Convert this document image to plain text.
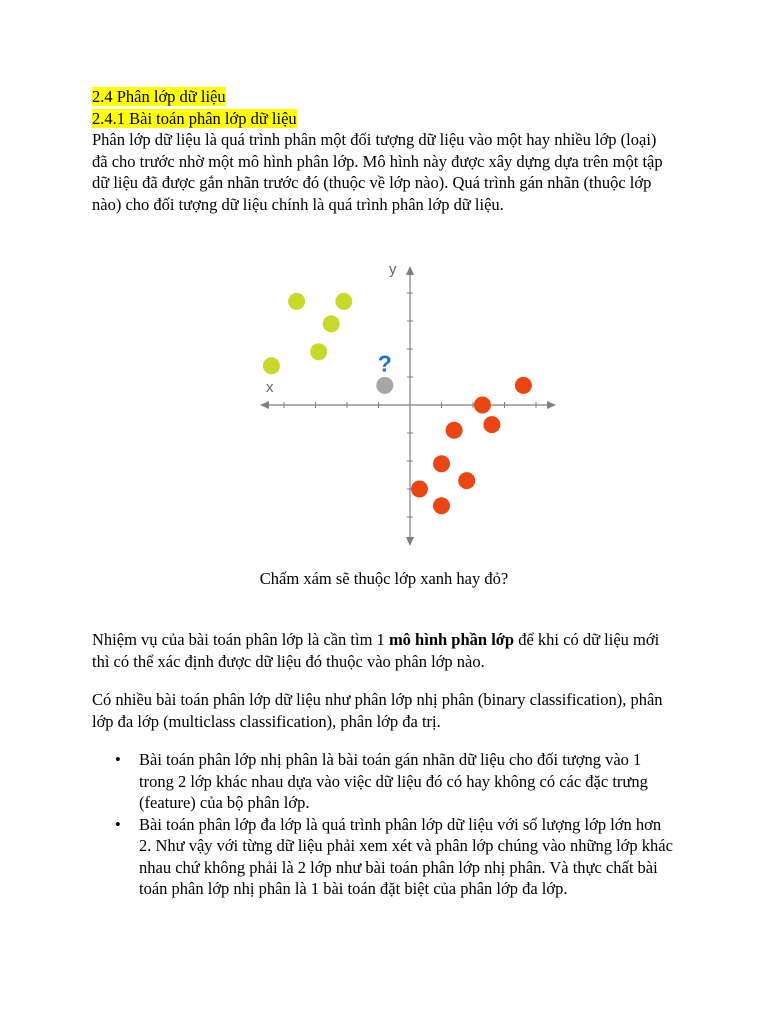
2.4 Phân lớp dữ liệu
2.4.1 Bài toán phân lớp dữ liệu

Phân lớp dữ liệu là quá trình phân một đối tượng dữ liệu vào một hay nhiều lớp (loại) đã cho trước nhờ một mô hình phân lớp. Mô hình này được xây dựng dựa trên một tập dữ liệu đã được gắn nhãn trước đó (thuộc về lớp nào). Quá trình gán nhãn (thuộc lớp nào) cho đối tượng dữ liệu chính là quá trình phân lớp dữ liệu.

x
y
?
Chấm xám sẽ thuộc lớp xanh hay đỏ?

Nhiệm vụ của bài toán phân lớp là cần tìm 1 mô hình phần lớp để khi có dữ liệu mới thì có thể xác định được dữ liệu đó thuộc vào phân lớp nào.

Có nhiều bài toán phân lớp dữ liệu như phân lớp nhị phân (binary classification), phân lớp đa lớp (multiclass classification), phân lớp đa trị.

• Bài toán phân lớp nhị phân là bài toán gán nhãn dữ liệu cho đối tượng vào 1 trong 2 lớp khác nhau dựa vào việc dữ liệu đó có hay không có các đặc trưng (feature) của bộ phân lớp.
• Bài toán phân lớp đa lớp là quá trình phân lớp dữ liệu với số lượng lớp lớn hơn 2. Như vậy với từng dữ liệu phải xem xét và phân lớp chúng vào những lớp khác nhau chứ không phải là 2 lớp như bài toán phân lớp nhị phân. Và thực chất bài toán phân lớp nhị phân là 1 bài toán đặt biệt của phân lớp đa lớp.
